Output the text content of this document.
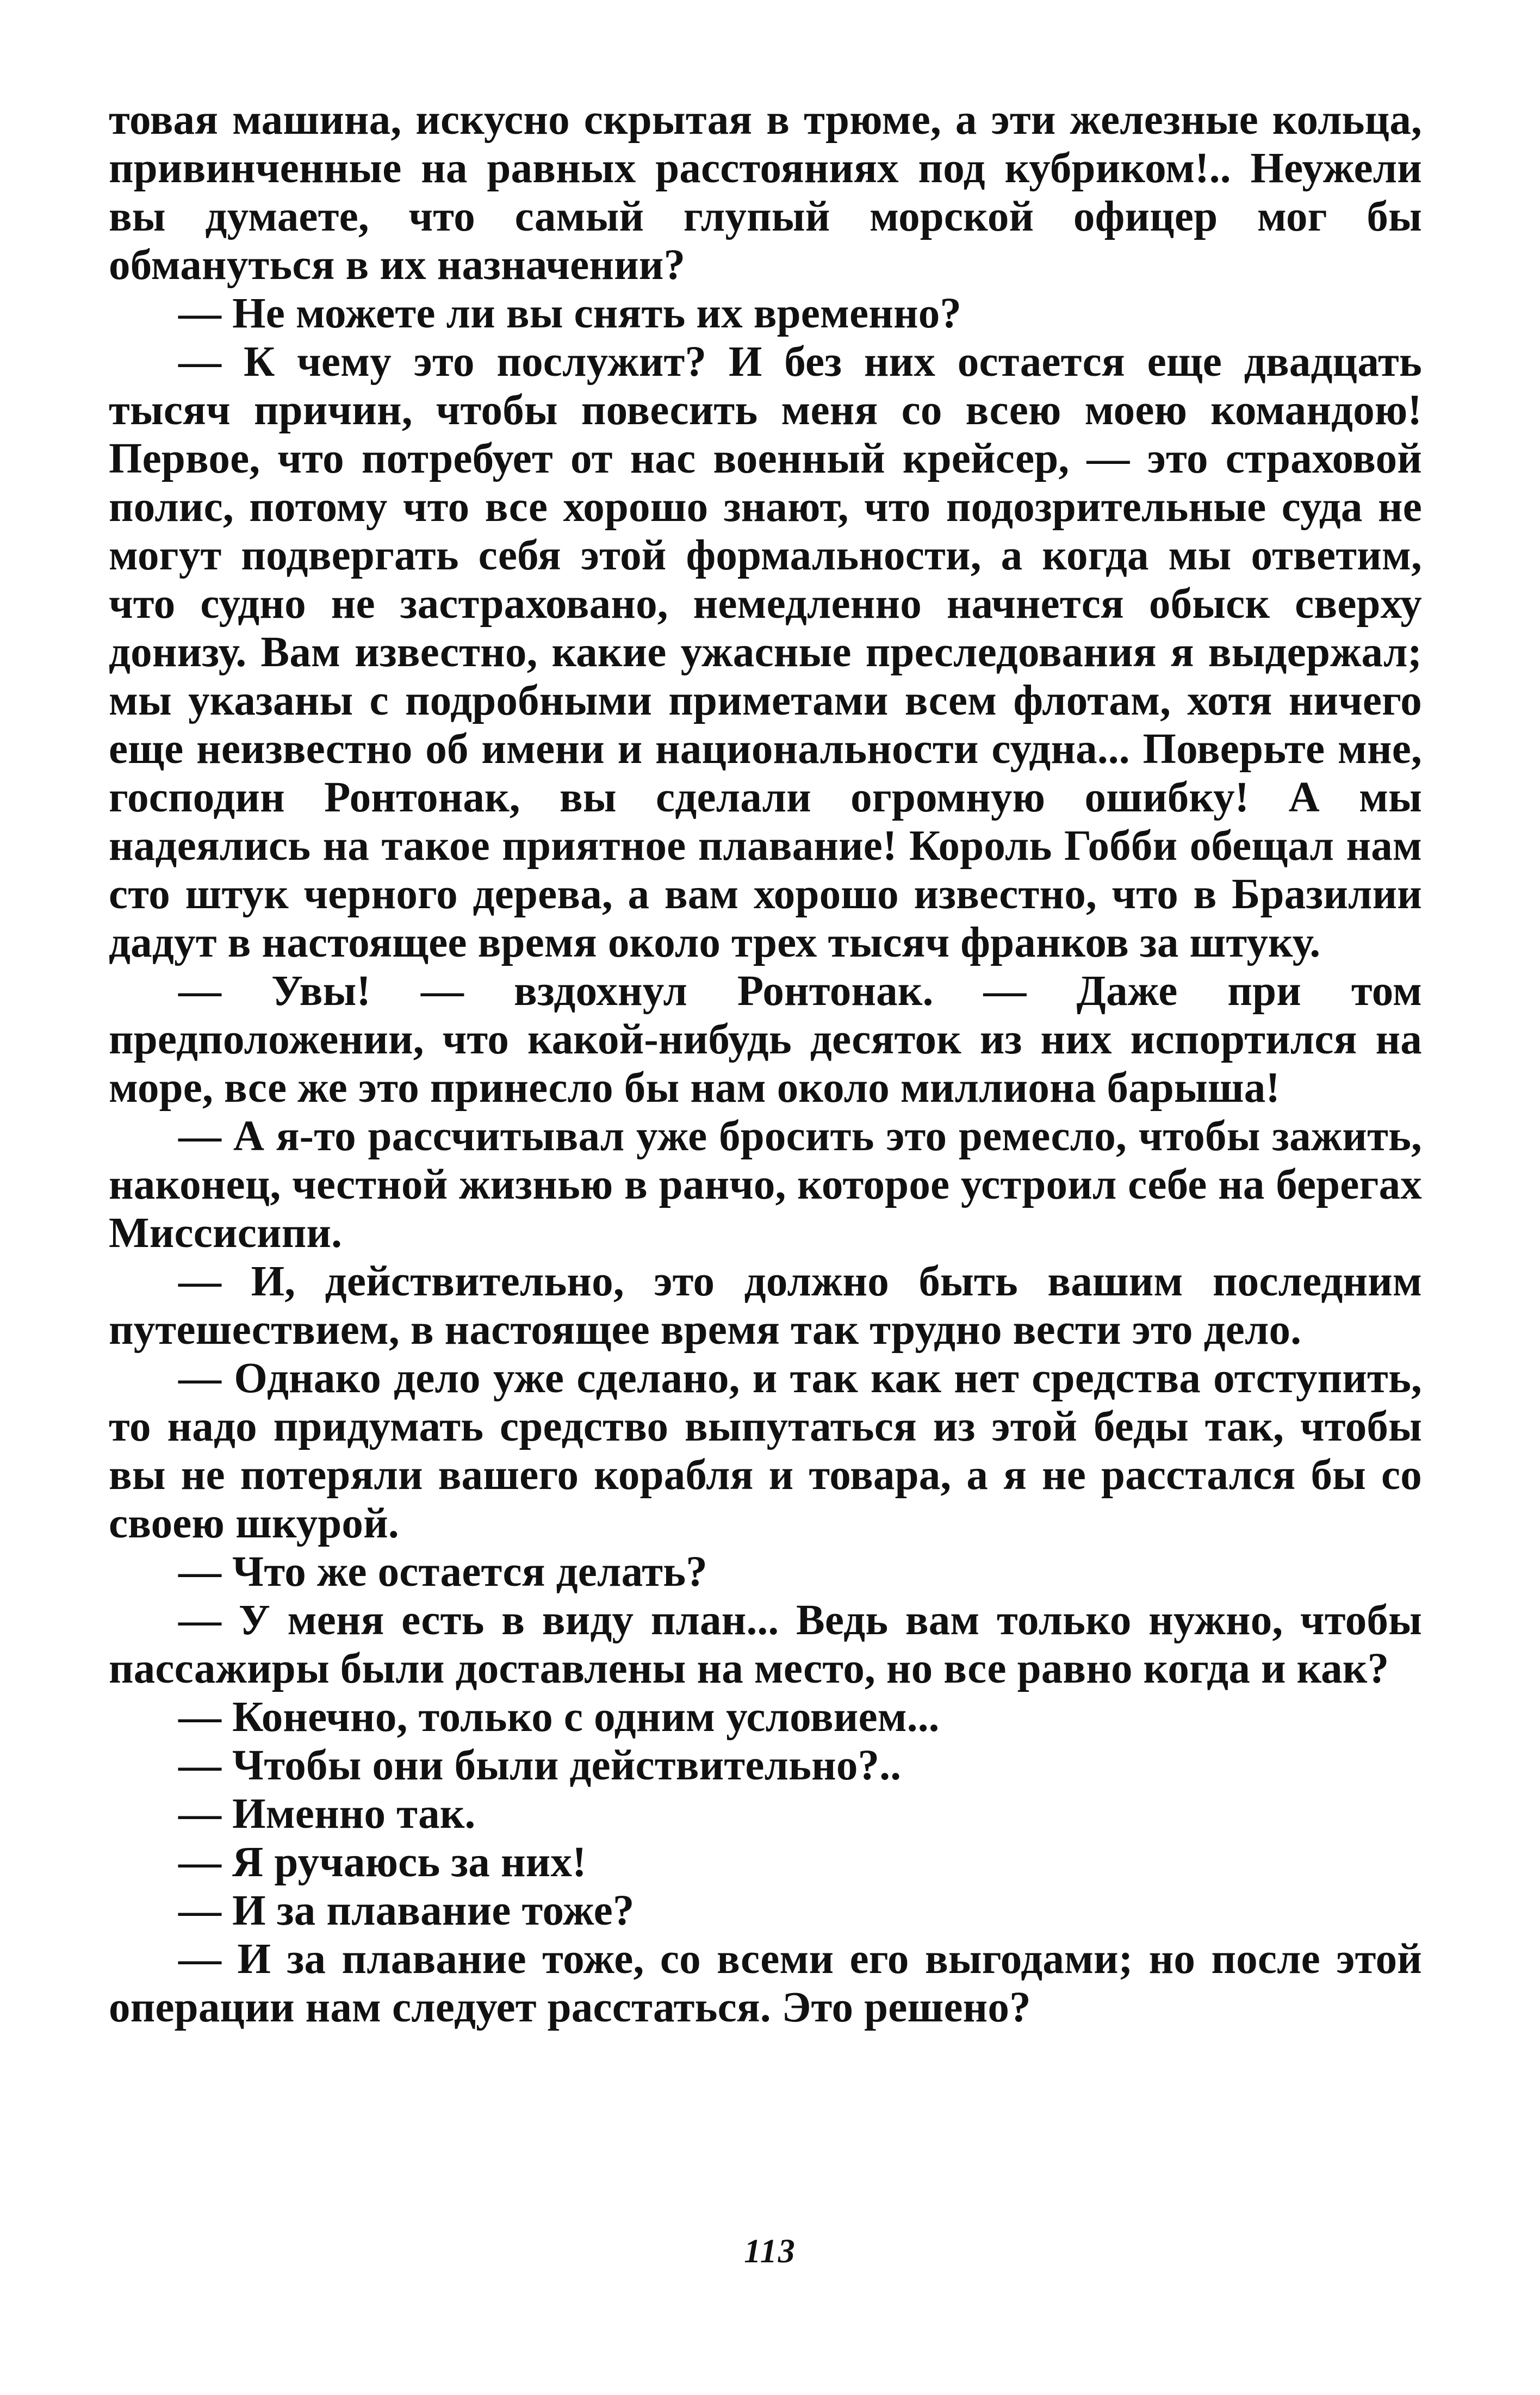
товая машина, искусно скрытая в трюме, а эти железные кольца, привинченные на равных расстояниях под кубриком!.. Неужели вы думаете, что самый глупый морской офицер мог бы обмануться в их назначении?

— Не можете ли вы снять их временно?

— К чему это послужит? И без них остается еще двадцать тысяч причин, чтобы повесить меня со всею моею командою! Первое, что потребует от нас военный крейсер, — это страховой полис, потому что все хорошо знают, что подозрительные суда не могут подвергать себя этой формальности, а когда мы ответим, что судно не застраховано, немедленно начнется обыск сверху донизу. Вам известно, какие ужасные преследования я выдержал; мы указаны с подробными приметами всем флотам, хотя ничего еще неизвестно об имени и национальности судна... Поверьте мне, господин Ронтонак, вы сделали огромную ошибку! А мы надеялись на такое приятное плавание! Король Гобби обещал нам сто штук черного дерева, а вам хорошо известно, что в Бразилии дадут в настоящее время около трех тысяч франков за штуку.

— Увы! — вздохнул Ронтонак. — Даже при том предположении, что какой-нибудь десяток из них испортился на море, все же это принесло бы нам около миллиона барыша!

— А я-то рассчитывал уже бросить это ремесло, чтобы зажить, наконец, честной жизнью в ранчо, которое устроил себе на берегах Миссисипи.

— И, действительно, это должно быть вашим последним путешествием, в настоящее время так трудно вести это дело.

— Однако дело уже сделано, и так как нет средства отступить, то надо придумать средство выпутаться из этой беды так, чтобы вы не потеряли вашего корабля и товара, а я не расстался бы со своею шкурой.

— Что же остается делать?

— У меня есть в виду план... Ведь вам только нужно, чтобы пассажиры были доставлены на место, но все равно когда и как?

— Конечно, только с одним условием...

— Чтобы они были действительно?..

— Именно так.

— Я ручаюсь за них!

— И за плавание тоже?

— И за плавание тоже, со всеми его выгодами; но после этой операции нам следует расстаться. Это решено?

113
